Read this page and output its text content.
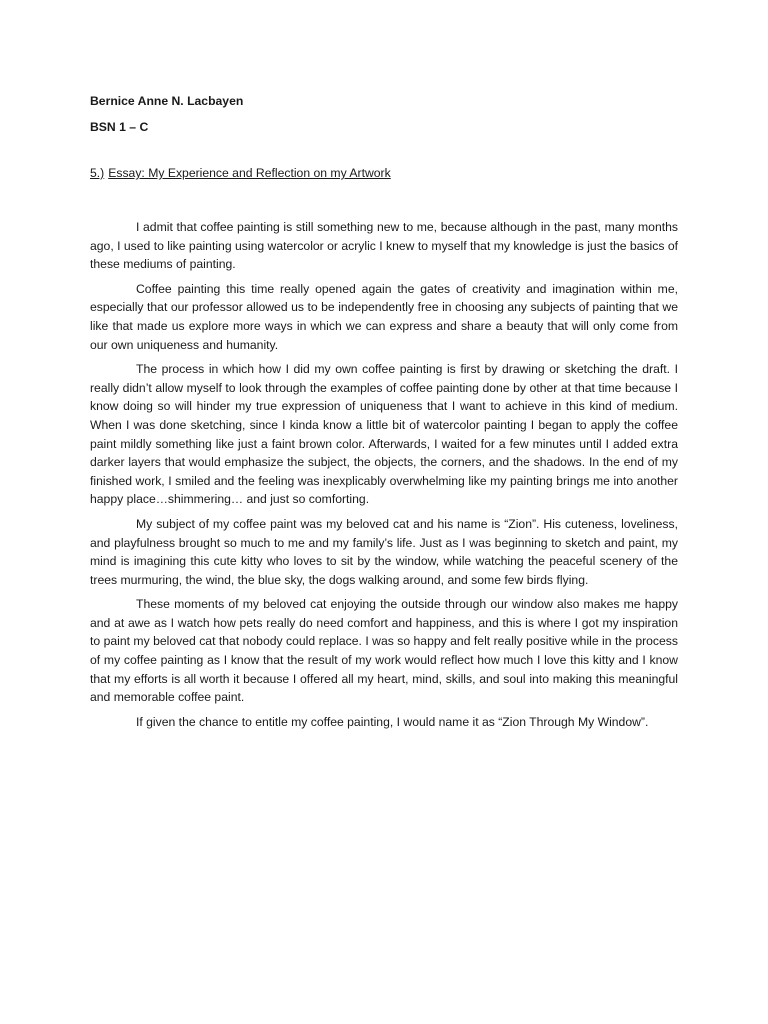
Bernice Anne N. Lacbayen

BSN 1 – C

5.) Essay: My Experience and Reflection on my Artwork

I admit that coffee painting is still something new to me, because although in the past, many months ago, I used to like painting using watercolor or acrylic I knew to myself that my knowledge is just the basics of these mediums of painting.

Coffee painting this time really opened again the gates of creativity and imagination within me, especially that our professor allowed us to be independently free in choosing any subjects of painting that we like that made us explore more ways in which we can express and share a beauty that will only come from our own uniqueness and humanity.

The process in which how I did my own coffee painting is first by drawing or sketching the draft. I really didn’t allow myself to look through the examples of coffee painting done by other at that time because I know doing so will hinder my true expression of uniqueness that I want to achieve in this kind of medium. When I was done sketching, since I kinda know a little bit of watercolor painting I began to apply the coffee paint mildly something like just a faint brown color. Afterwards, I waited for a few minutes until I added extra darker layers that would emphasize the subject, the objects, the corners, and the shadows. In the end of my finished work, I smiled and the feeling was inexplicably overwhelming like my painting brings me into another happy place…shimmering… and just so comforting.

My subject of my coffee paint was my beloved cat and his name is “Zion”. His cuteness, loveliness, and playfulness brought so much to me and my family’s life. Just as I was beginning to sketch and paint, my mind is imagining this cute kitty who loves to sit by the window, while watching the peaceful scenery of the trees murmuring, the wind, the blue sky, the dogs walking around, and some few birds flying.

These moments of my beloved cat enjoying the outside through our window also makes me happy and at awe as I watch how pets really do need comfort and happiness, and this is where I got my inspiration to paint my beloved cat that nobody could replace. I was so happy and felt really positive while in the process of my coffee painting as I know that the result of my work would reflect how much I love this kitty and I know that my efforts is all worth it because I offered all my heart, mind, skills, and soul into making this meaningful and memorable coffee paint.

If given the chance to entitle my coffee painting, I would name it as “Zion Through My Window”.
